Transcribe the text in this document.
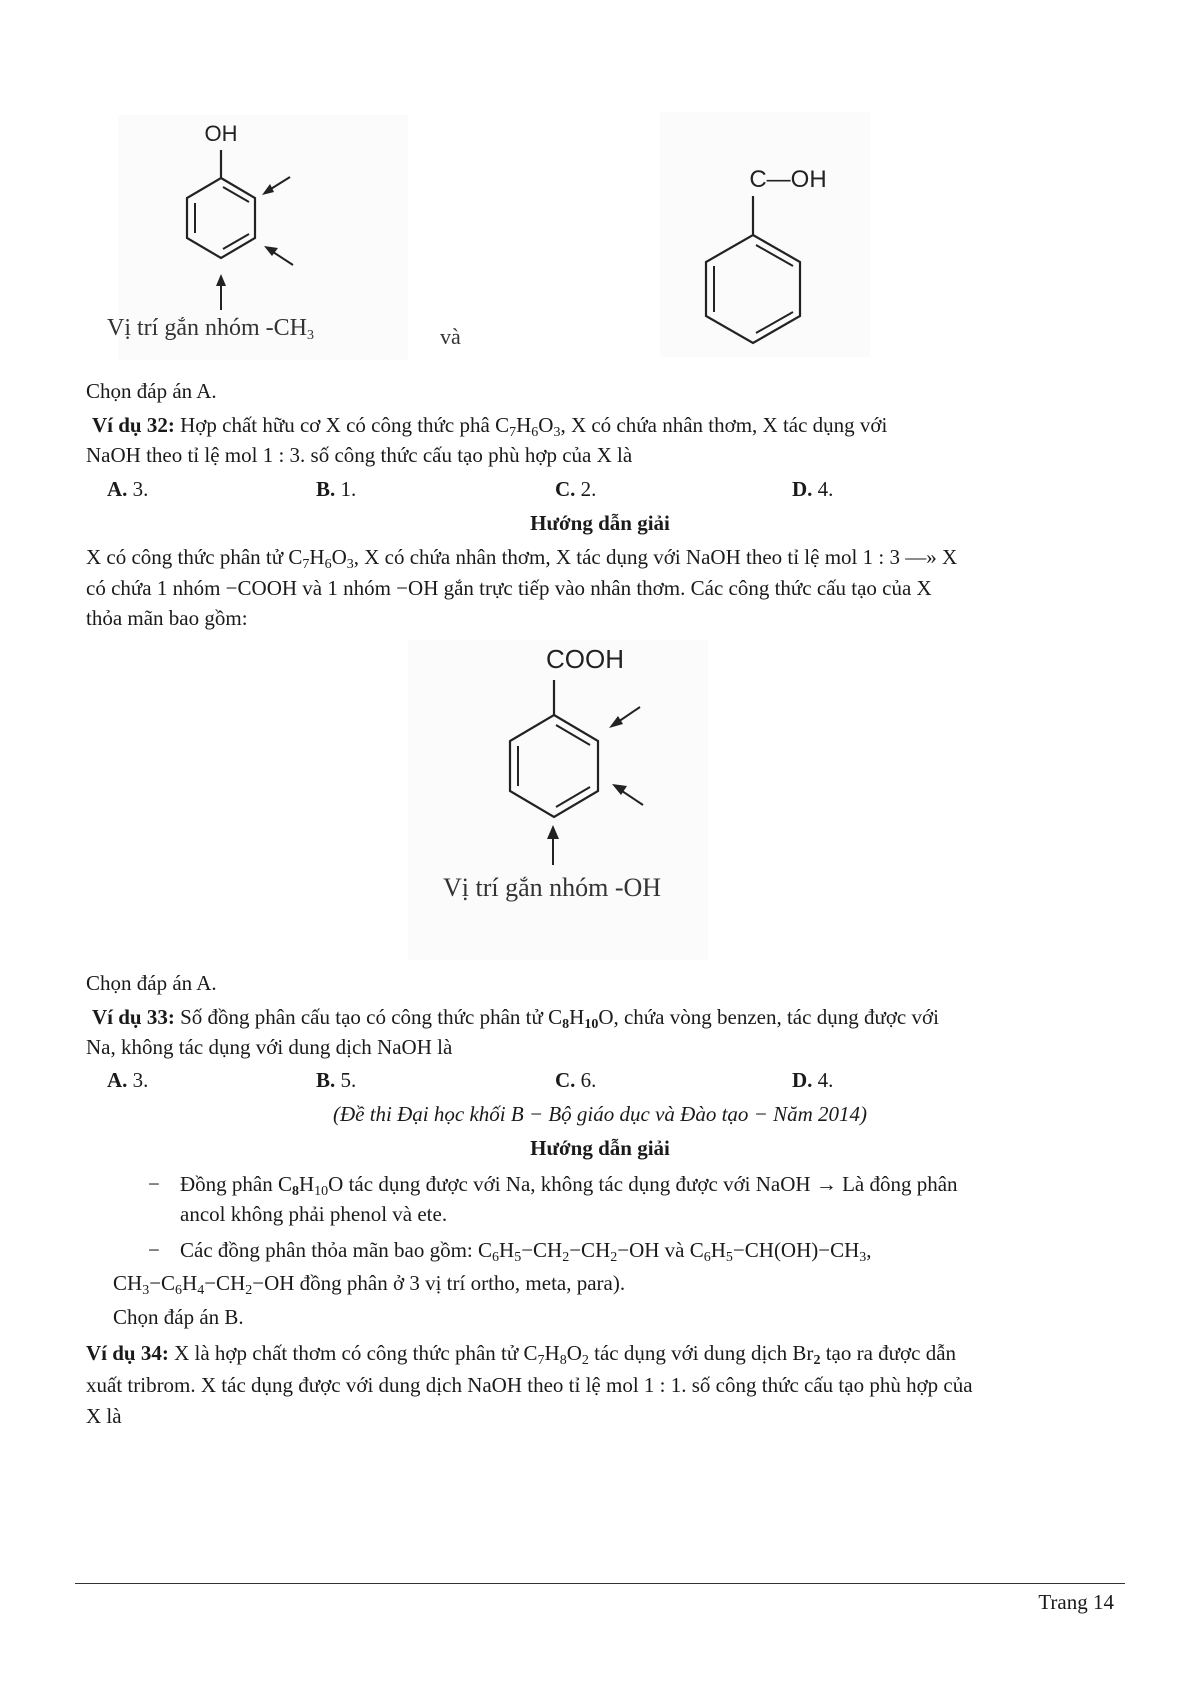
OH
C—OH
Vị trí gắn nhóm $-CH_3$	và
Chọn đáp án A.
Ví dụ 32: Hợp chất hữu cơ X có công thức phâ $C_7H_6O_3$, X có chứa nhân thơm, X tác dụng với
NaOH theo tỉ lệ mol 1 : 3. số công thức cấu tạo phù hợp của X là
A. 3.	B. 1.	C. 2.	D. 4.
Hướng dẫn giải
X có công thức phân tử $C_7H_6O_3$, X có chứa nhân thơm, X tác dụng với NaOH theo tỉ lệ mol 1 : 3 —» X
có chứa 1 nhóm −COOH và 1 nhóm −OH gắn trực tiếp vào nhân thơm. Các công thức cấu tạo của X
thỏa mãn bao gồm:
COOH
Vị trí gắn nhóm -OH
Chọn đáp án A.
Ví dụ 33: Số đồng phân cấu tạo có công thức phân tử $C_8H_{10}O$, chứa vòng benzen, tác dụng được với
Na, không tác dụng với dung dịch NaOH là
A. 3.	B. 5.	C. 6.	D. 4.
(Đề thi Đại học khối B − Bộ giáo dục và Đào tạo − Năm 2014)
Hướng dẫn giải
− Đồng phân $C_8H_{10}O$ tác dụng được với Na, không tác dụng được với NaOH → Là đông phân
ancol không phải phenol và ete.
− Các đồng phân thỏa mãn bao gồm: $C_6H_5-CH_2-CH_2-OH$ và $C_6H_5-CH(OH)-CH_3$,
$CH_3-C_6H_4-CH_2-OH$ đồng phân ở 3 vị trí ortho, meta, para).
Chọn đáp án B.
Ví dụ 34: X là hợp chất thơm có công thức phân tử $C_7H_8O_2$ tác dụng với dung dịch $Br_2$ tạo ra được dẫn
xuất tribrom. X tác dụng được với dung dịch NaOH theo tỉ lệ mol 1 : 1. số công thức cấu tạo phù hợp của
X là
Trang 14
